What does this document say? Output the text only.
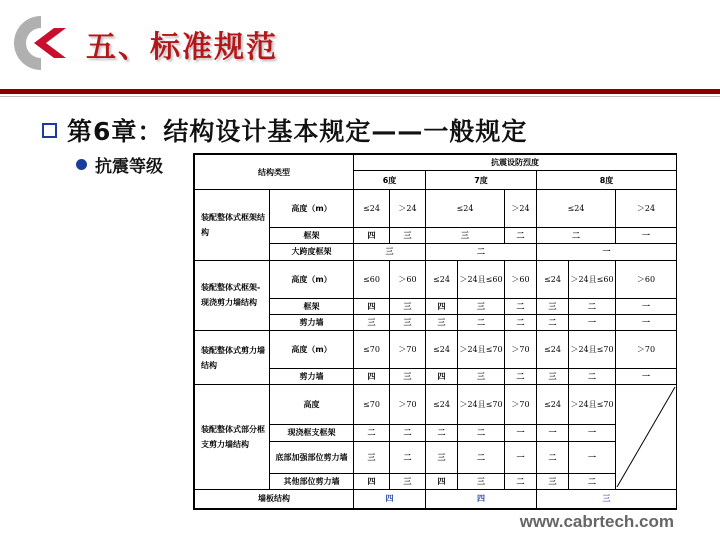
五、标准规范
第6章：结构设计基本规定——一般规定
抗震等级	结构类型		抗震设防烈度							
		6度		7度			8度		
装配整体式框架结构	高度（m）	≤24	＞24	≤24		＞24	≤24		＞24
	框架	四	三	三		二	二		一
	大跨度框架	三		二			一		
装配整体式框架-现浇剪力墙结构	高度（m）	≤60	＞60	≤24	＞24且≤60	＞60	≤24	＞24且≤60	＞60
	框架	四	三	四	三	二	三	二	一
	剪力墙	三	三	三	二	二	二	一	一
装配整体式剪力墙结构	高度（m）	≤70	＞70	≤24	＞24且≤70	＞70	≤24	＞24且≤70	＞70
	剪力墙	四	三	四	三	二	三	二	一
装配整体式部分框支剪力墙结构	高度	≤70	＞70	≤24	＞24且≤70	＞70	≤24	＞24且≤70	

	现浇框支框架	二	二	二	二	一	一	一	
	底部加强部位剪力墙	三	二	三	二	一	二	一	
	其他部位剪力墙	四	三	四	三	二	三	二	
墙板结构		四		四			三		
www.cabrtech.com
